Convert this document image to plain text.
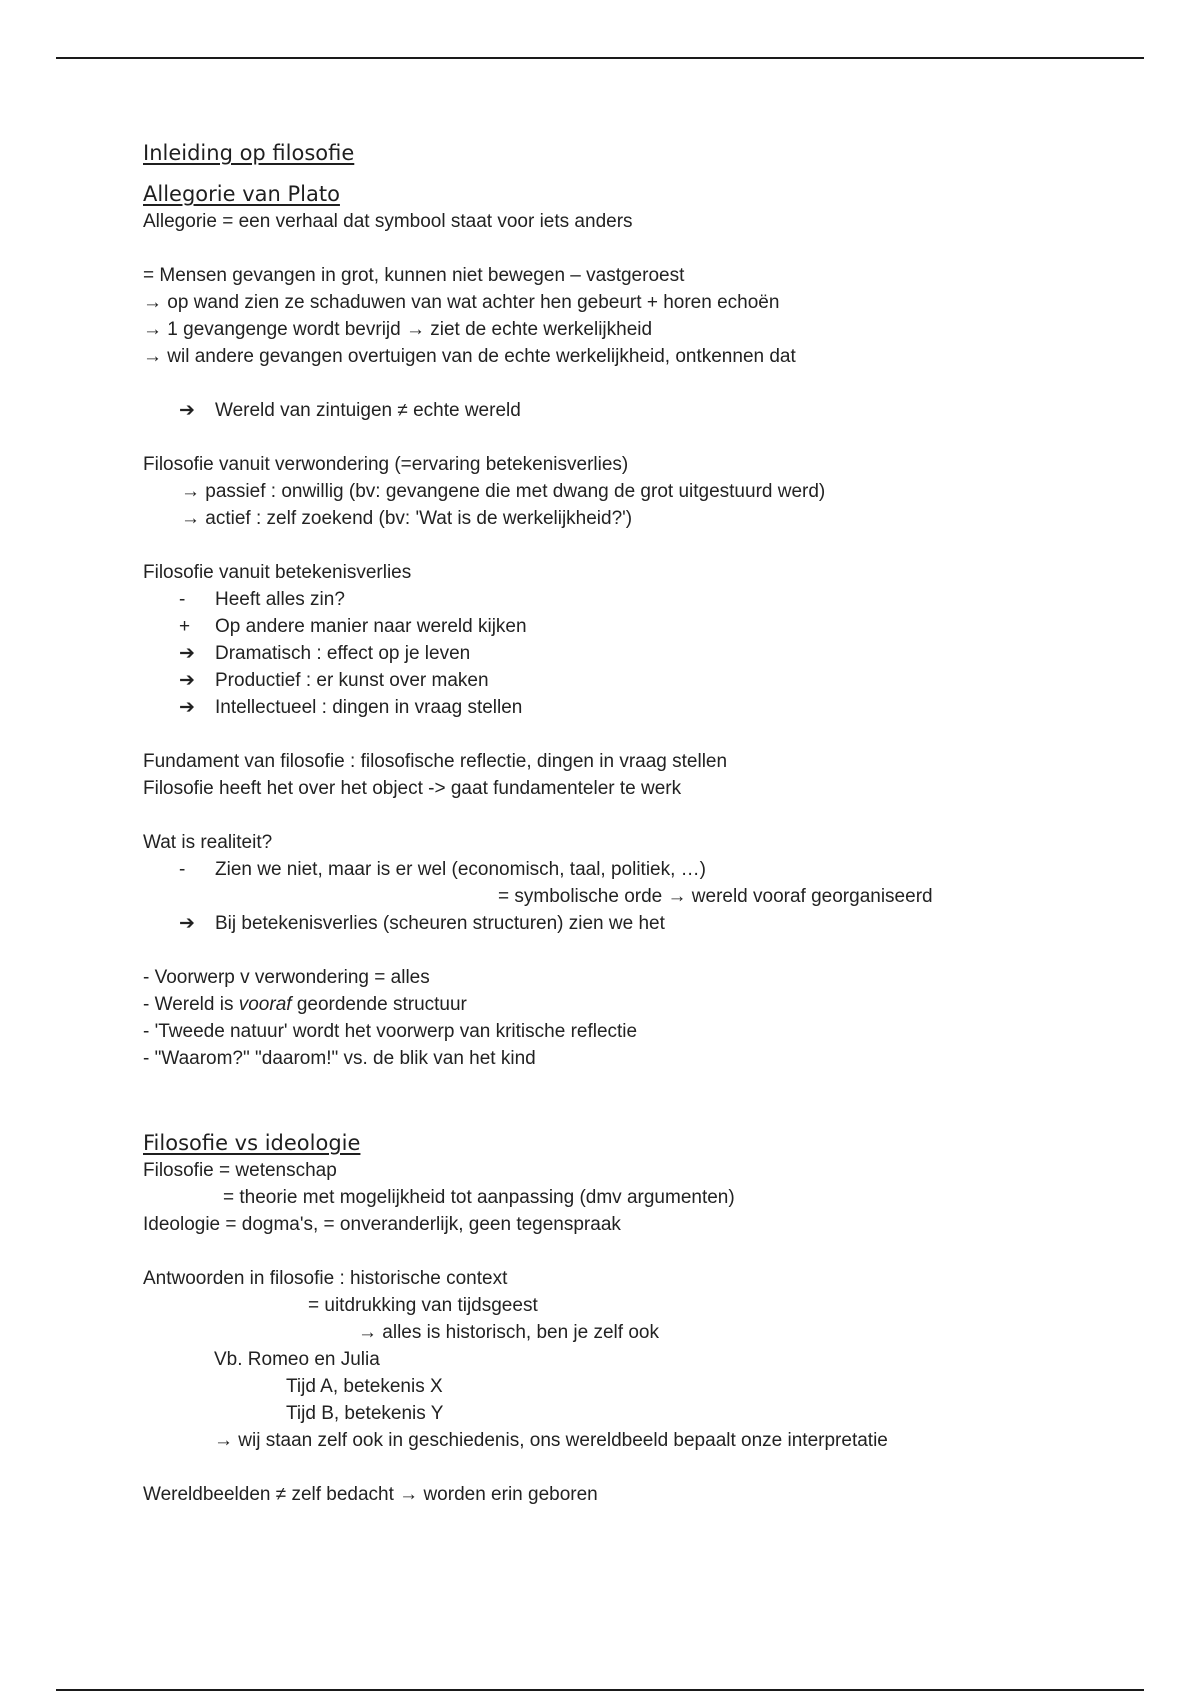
Inleiding op filosofie
Allegorie van Plato
Allegorie = een verhaal dat symbool staat voor iets anders
= Mensen gevangen in grot, kunnen niet bewegen – vastgeroest
→ op wand zien ze schaduwen van wat achter hen gebeurt + horen echoën
→ 1 gevangenge wordt bevrijd → ziet de echte werkelijkheid
→ wil andere gevangen overtuigen van de echte werkelijkheid, ontkennen dat
➔ Wereld van zintuigen ≠ echte wereld
Filosofie vanuit verwondering (=ervaring betekenisverlies)
→ passief : onwillig (bv: gevangene die met dwang de grot uitgestuurd werd)
→ actief : zelf zoekend (bv: 'Wat is de werkelijkheid?')
Filosofie vanuit betekenisverlies
- Heeft alles zin?
+ Op andere manier naar wereld kijken
➔ Dramatisch : effect op je leven
➔ Productief : er kunst over maken
➔ Intellectueel : dingen in vraag stellen
Fundament van filosofie : filosofische reflectie, dingen in vraag stellen
Filosofie heeft het over het object -> gaat fundamenteler te werk
Wat is realiteit?
- Zien we niet, maar is er wel (economisch, taal, politiek, …)
= symbolische orde → wereld vooraf georganiseerd
➔ Bij betekenisverlies (scheuren structuren) zien we het
- Voorwerp v verwondering = alles
- Wereld is vooraf geordende structuur
- 'Tweede natuur' wordt het voorwerp van kritische reflectie
- "Waarom?" "daarom!" vs. de blik van het kind
Filosofie vs ideologie
Filosofie = wetenschap
= theorie met mogelijkheid tot aanpassing (dmv argumenten)
Ideologie = dogma's, = onveranderlijk, geen tegenspraak
Antwoorden in filosofie : historische context
= uitdrukking van tijdsgeest
→ alles is historisch, ben je zelf ook
Vb. Romeo en Julia
Tijd A, betekenis X
Tijd B, betekenis Y
→ wij staan zelf ook in geschiedenis, ons wereldbeeld bepaalt onze interpretatie
Wereldbeelden ≠ zelf bedacht → worden erin geboren
